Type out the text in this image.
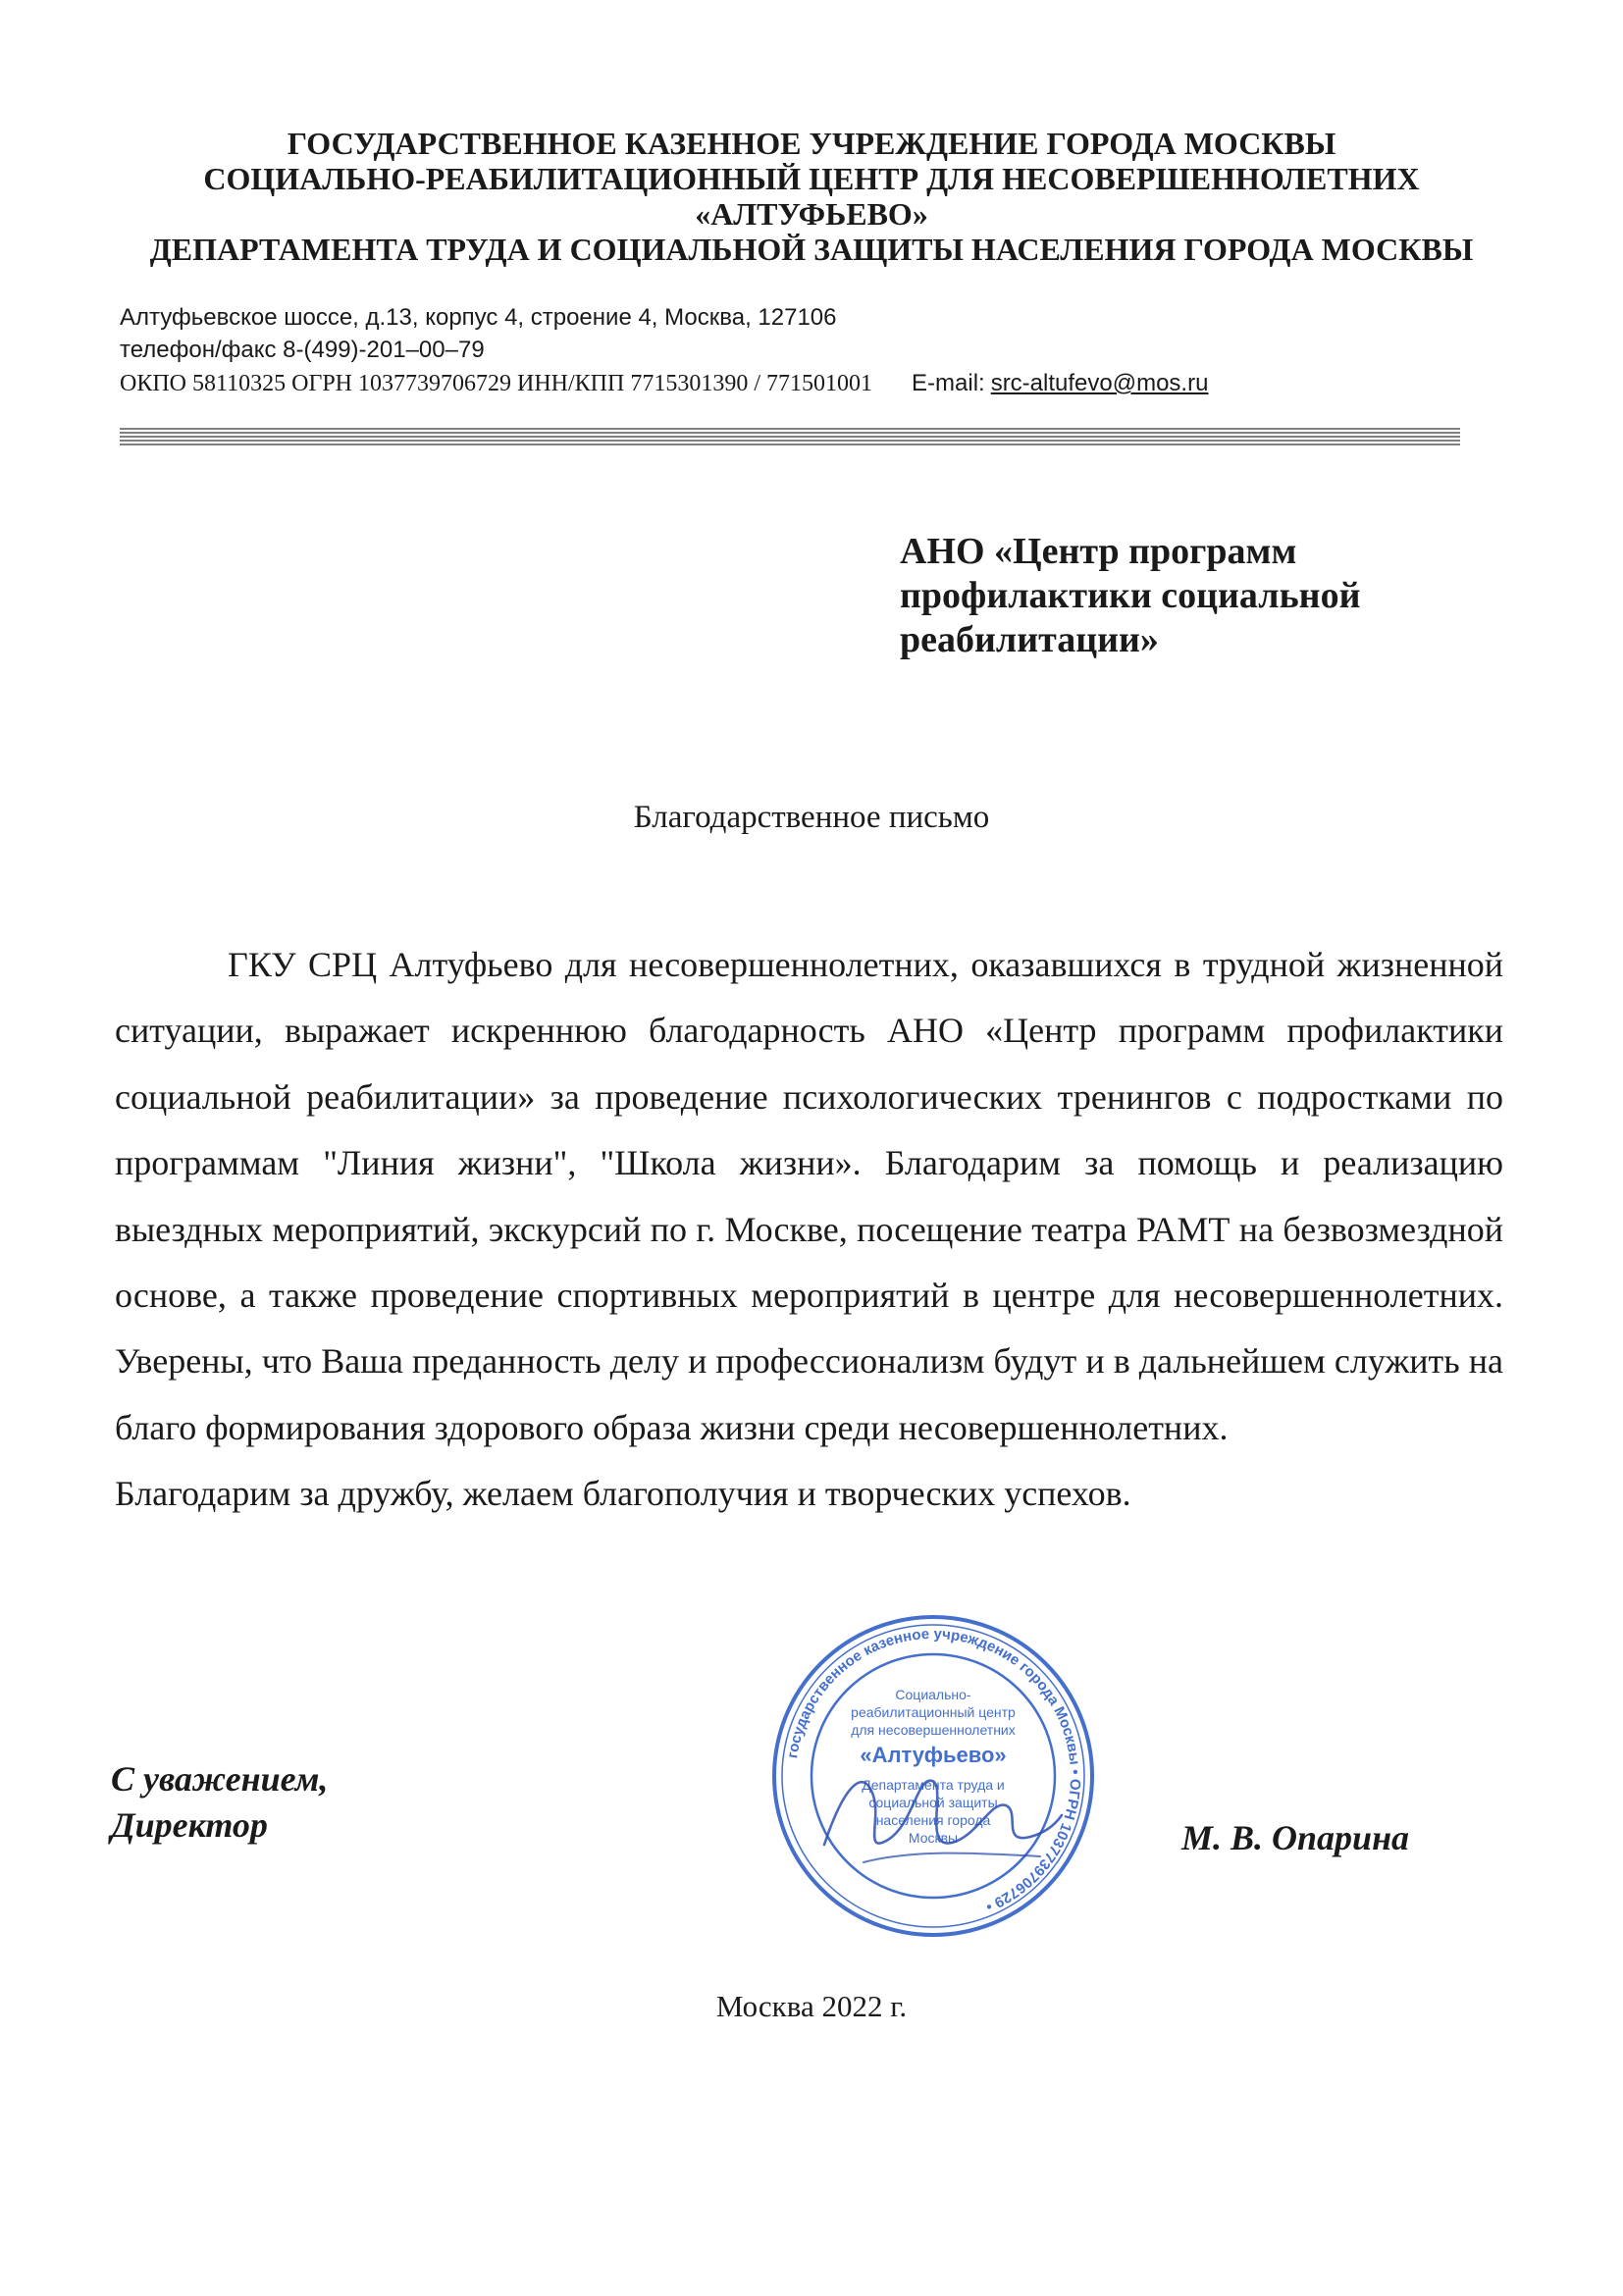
ГОСУДАРСТВЕННОЕ КАЗЕННОЕ УЧРЕЖДЕНИЕ ГОРОДА МОСКВЫ
СОЦИАЛЬНО-РЕАБИЛИТАЦИОННЫЙ ЦЕНТР ДЛЯ НЕСОВЕРШЕННОЛЕТНИХ
«АЛТУФЬЕВО»
ДЕПАРТАМЕНТА ТРУДА И СОЦИАЛЬНОЙ ЗАЩИТЫ НАСЕЛЕНИЯ ГОРОДА МОСКВЫ
Алтуфьевское шоссе, д.13, корпус 4, строение 4, Москва, 127106
телефон/факс 8-(499)-201–00–79
ОКПО 58110325 ОГРН 1037739706729 ИНН/КПП 7715301390 / 771501001 E-mail: src-altufevo@mos.ru
АНО «Центр программ
профилактики социальной
реабилитации»
Благодарственное письмо

ГКУ СРЦ Алтуфьево для несовершеннолетних, оказавшихся в трудной жизненной ситуации, выражает искреннюю благодарность АНО «Центр программ профилактики социальной реабилитации» за проведение психологических тренингов с подростками по программам "Линия жизни", "Школа жизни». Благодарим за помощь и реализацию выездных мероприятий, экскурсий по г. Москве, посещение театра РАМТ на безвозмездной основе, а также проведение спортивных мероприятий в центре для несовершеннолетних. Уверены, что Ваша преданность делу и профессионализм будут и в дальнейшем служить на благо формирования здорового образа жизни среди несовершеннолетних.

Благодарим за дружбу, желаем благополучия и творческих успехов.

С уважением,
Директор
государственное казенное учреждение города Москвы • ОГРН 1037739706729 •
Социально-
реабилитационный центр
для несовершеннолетних
«Алтуфьево»
Департамента труда и
социальной защиты
населения города
Москвы	М. В. Опарина
Москва 2022 г.
